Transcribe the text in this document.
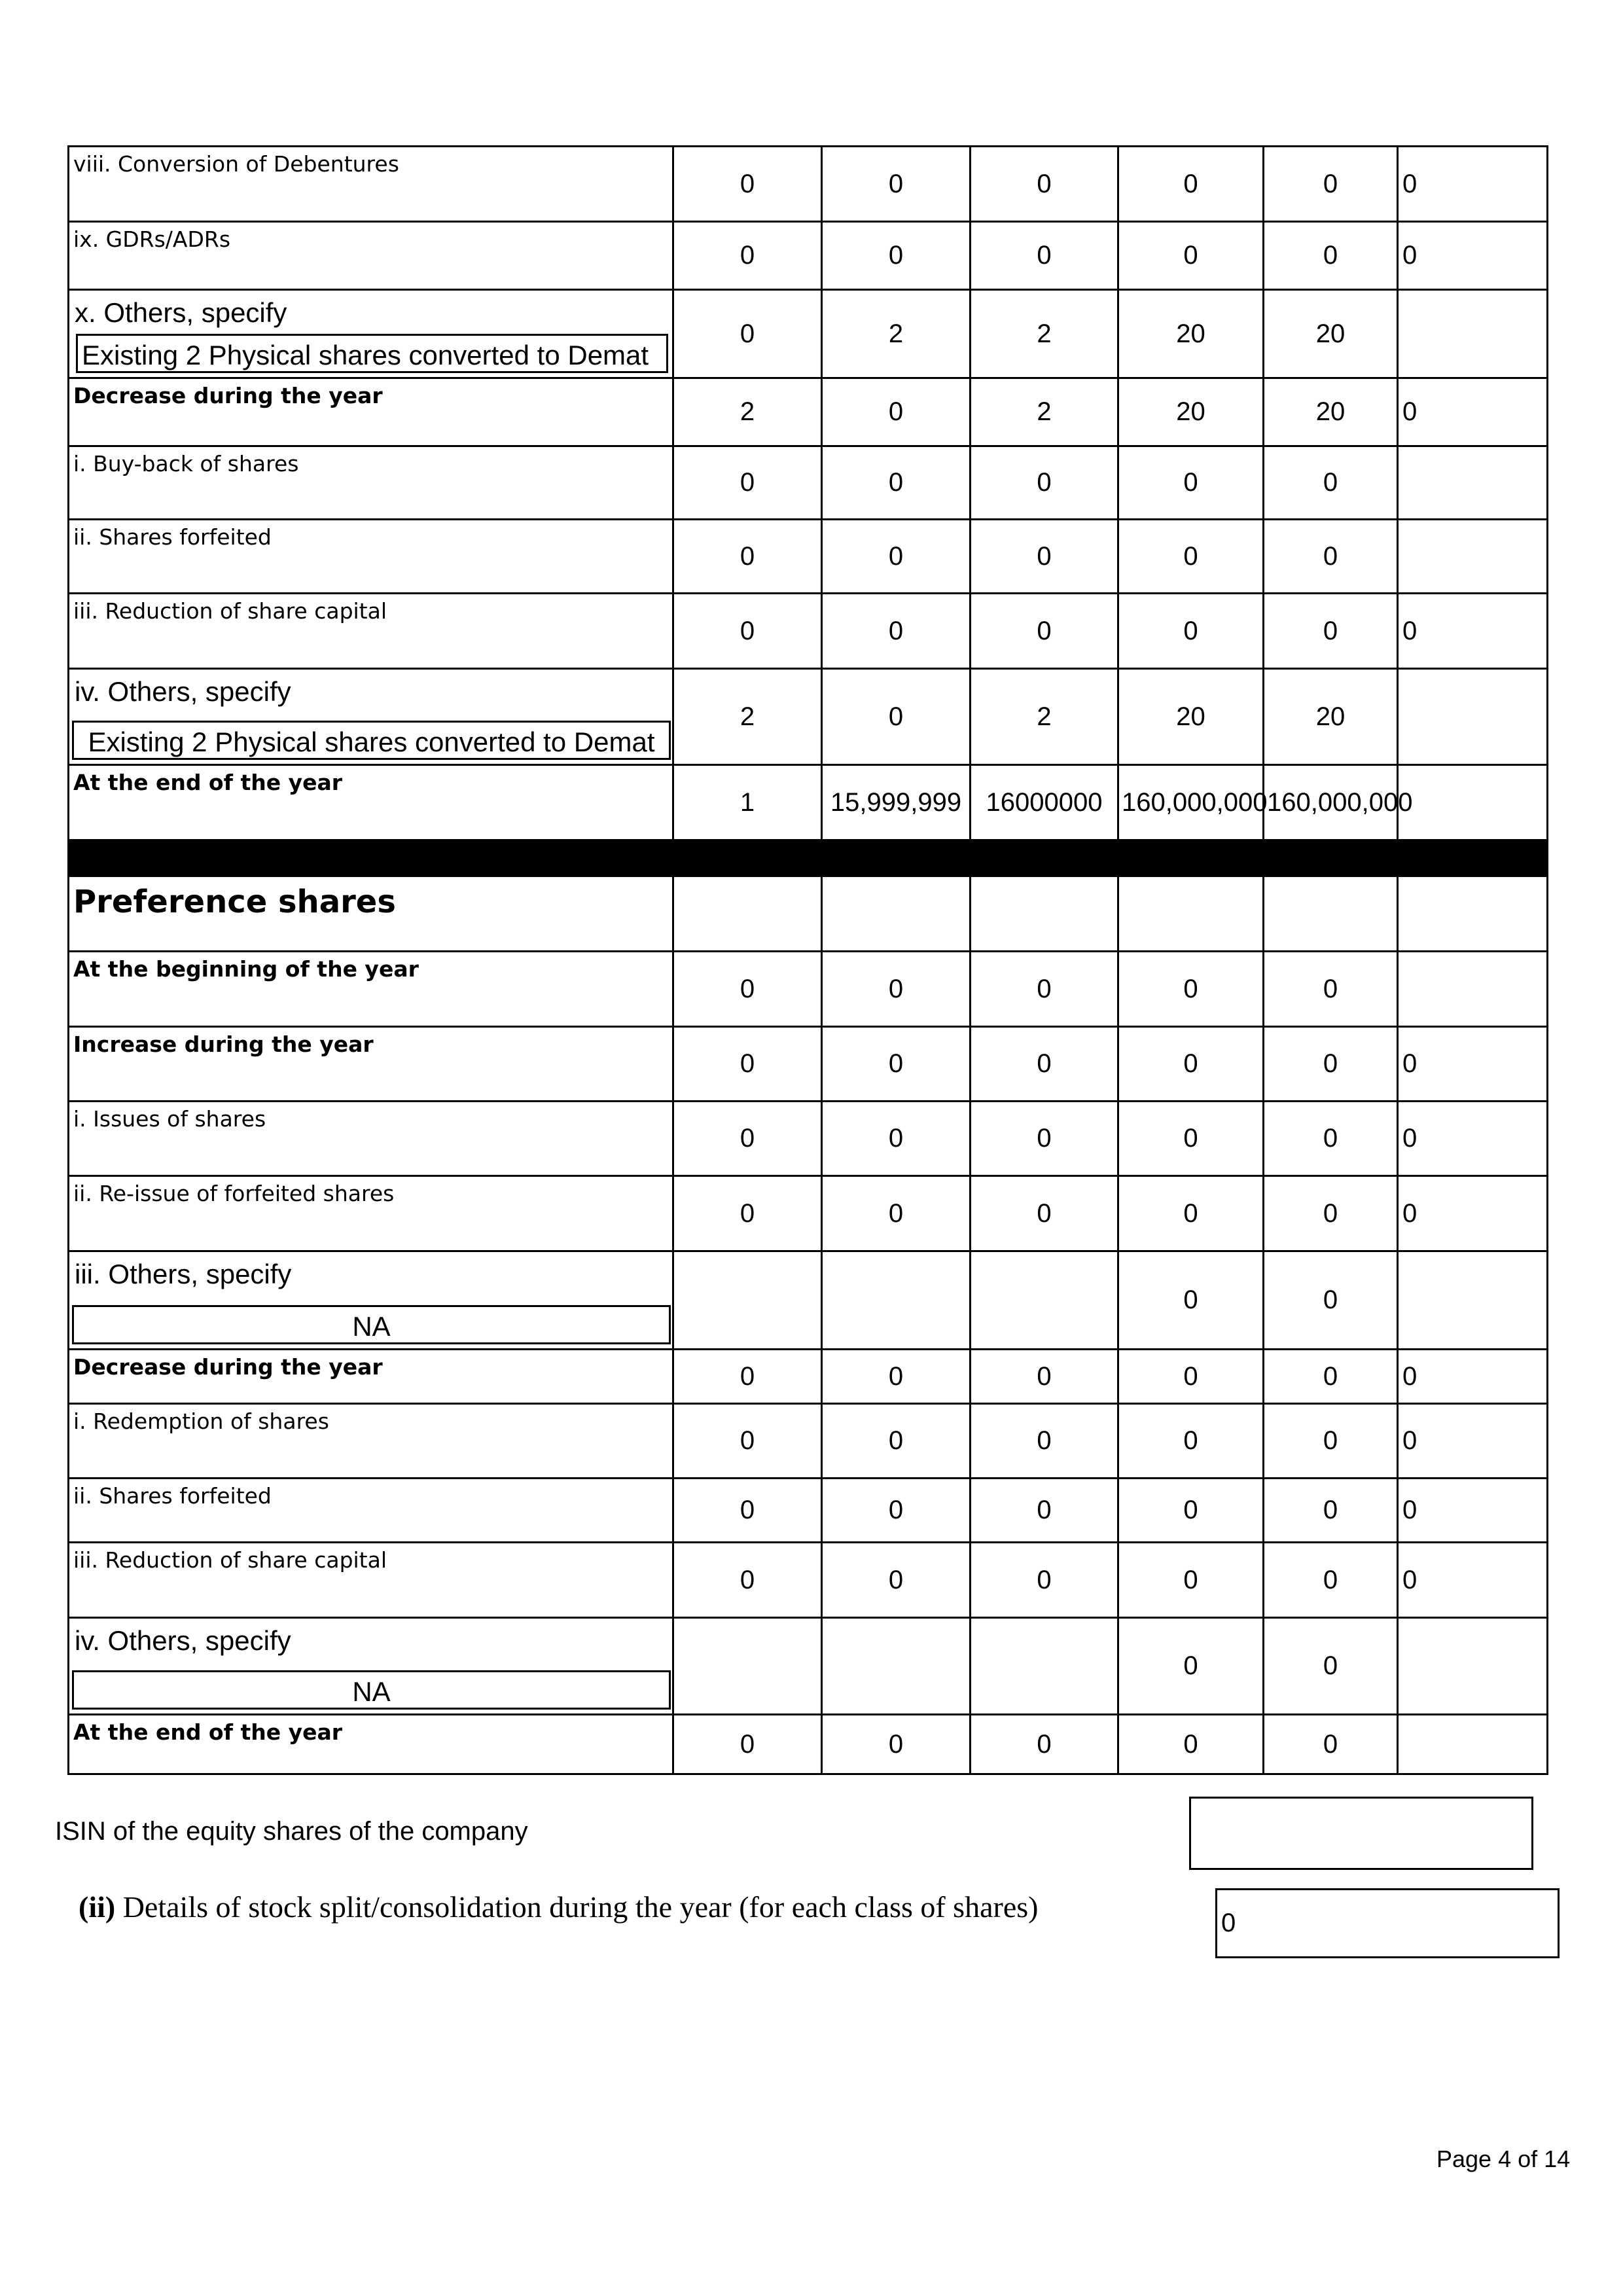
viii. Conversion of Debentures	0	0	0	0	0	0
ix. GDRs/ADRs	0	0	0	0	0	0
x. Others, specify
Existing 2 Physical shares converted to Demat	0	2	2	20	20	
Decrease during the year	2	0	2	20	20	0
i. Buy-back of shares	0	0	0	0	0	
ii. Shares forfeited	0	0	0	0	0	
iii. Reduction of share capital	0	0	0	0	0	0
iv. Others, specify
Existing 2 Physical shares converted to Demat	2	0	2	20	20	
At the end of the year	1	15,999,999	16000000	160,000,000	160,000,000	

Preference shares						
At the beginning of the year	0	0	0	0	0	
Increase during the year	0	0	0	0	0	0
i. Issues of shares	0	0	0	0	0	0
ii. Re-issue of forfeited shares	0	0	0	0	0	0
iii. Others, specify
NA				0	0	
Decrease during the year	0	0	0	0	0	0
i. Redemption of shares	0	0	0	0	0	0
ii. Shares forfeited	0	0	0	0	0	0
iii. Reduction of share capital	0	0	0	0	0	0
iv. Others, specify
NA				0	0	
At the end of the year	0	0	0	0	0	
ISIN of the equity shares of the company
(ii) Details of stock split/consolidation during the year (for each class of shares)	0
Page 4 of 14
